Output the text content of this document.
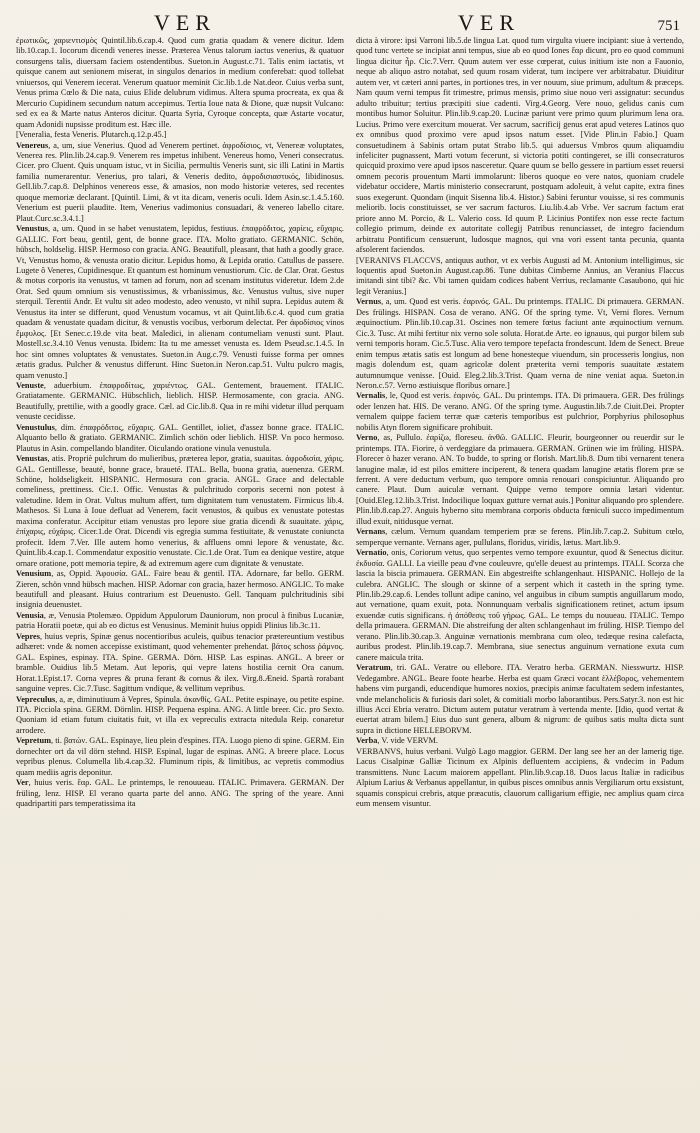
VER	VER	751

ἐρωτικῶς, χαριεντισμὸς Quintil.lib.6.cap.4. Quod cum gratia quadam & venere dicitur. Idem lib.10.cap.1. Iocorum dicendi veneres inesse. Præterea Venus talorum iactus venerius, & quatuor consurgens talis, diuersam faciem ostendentibus. Sueton.in August.c.71. Talis enim iactatis, vt quisque canem aut senionem miserat, in singulos denarios in medium conferebat: quod tollebat vniuersos, qui Venerem iecerat. Venerum quatuor meminit Cic.lib.1.de Nat.deor. Cuius verba sunt, Venus prima Cœlo & Die nata, cuius Elide delubrum vidimus. Altera spuma procreata, ex qua & Mercurio Cupidinem secundum natum accepimus. Tertia Ioue nata & Dione, quæ nupsit Vulcano: sed ex ea & Marte natus Anteros dicitur. Quarta Syria, Cyroque concepta, quæ Astarte vocatur, quam Adonidi nupsisse proditum est. Hæc ille.

[Veneralia, festa Veneris. Plutarch.q.12.p.45.]

Venereus, a, um, siue Venerius. Quod ad Venerem pertinet. ἀφροδίσιος, vt, Venereæ voluptates, Venerea res. Plin.lib.24.cap.9. Venerem res impetus inhibent. Venereus homo, Veneri consecratus. Cicer. pro Cluent. Quis unquam istuc, vt in Sicilia, permultis Veneris sunt, sic illi Latini in Martis familia numerarentur. Venerius, pro talari, & Veneris dedito, ἀφροδισιαστικός, libidinosus. Gell.lib.7.cap.8. Delphinos venereos esse, & amasios, non modo historiæ veteres, sed recentes quoque memoriæ declarant. [Quintil. Limi, & vt ita dicam, veneris oculi. Idem Asin.sc.1.4.5.160. Venerium est puerii plaudite. Item, Venerius vadimonius consuadari, & venereo labello citare. Plaut.Curc.sc.3.4.1.]

Venustus, a, um. Quod in se habet venustatem, lepidus, festiuus. ἐπαφρόδιτος, χαρίεις, εὔχαρις. GALLIC. Fort beau, gentil, gent, de bonne grace. ITA. Molto gratiato. GERMANIC. Schön, hübsch, holdselig. HISP. Hermoso con gracia. ANG. Beautifull, pleasant, that hath a goodly grace. Vt, Venustus homo, & venusta oratio dicitur. Lepidus homo, & Lepida oratio. Catullus de passere. Lugete ô Veneres, Cupidinesque. Et quantum est hominum venustiorum. Cic. de Clar. Orat. Gestus & motus corporis ita venustus, vt tamen ad forum, non ad scenam institutus videretur. Idem 2.de Orat. Sed quum omnium sis venustissimus, & vrbanissimus, &c. Venustus vultus, sive nuper sterquil. Terentii Andr. Et vultu sit adeo modesto, adeo venusto, vt nihil supra. Lepidus autem & Venustus ita inter se differunt, quod Venustum vocamus, vt ait Quint.lib.6.c.4. quod cum gratia quadam & venustate quadam dicitur, & venustis vocibus, verborum delectat. Per ἀφοδίσιος vinos ἔμφυλος. [Et Senec.c.19.de vita beat. Maledici, in alienam contumeliam venusti sunt. Plaut. Mostell.sc.3.4.10 Venus venusta. Ibidem: Ita tu me amesset venusta es. Idem Pseud.sc.1.4.5. In hoc sint omnes voluptates & venustates. Sueton.in Aug.c.79. Venusti fuisse forma per omnes ætatis gradus. Pulcher & venustus differunt. Hinc Sueton.in Neron.cap.51. Vultu pulcro magis, quam venusto.]

Venuste, aduerbium. ἐπαφροδίτως, χαριέντως. GAL. Gentement, brauement. ITALIC. Gratiatamente. GERMANIC. Hübschlich, lieblich. HISP. Hermosamente, con gracia. ANG. Beautifully, prettilie, with a goodly grace. Cæl. ad Cic.lib.8. Qua in re mihi videtur illud perquam venuste cecidisse.

Venustulus, dim. ἐπαφρόδιτος, εὔχαρις. GAL. Gentillet, ioliet, d'assez bonne grace. ITALIC. Alquanto bello & gratiato. GERMANIC. Zimlich schön oder lieblich. HISP. Vn poco hermoso. Plautus in Asin. compellando blanditer. Oiculando oratione vinula venustula.

Venustas, atis. Propriè pulchrum do mulieribus, præterea lepor, gratia, suauitas. ἀφροδισία, χάρις. GAL. Gentillesse, beauté, bonne grace, braueté. ITAL. Bella, buona gratia, auenenza. GERM. Schöne, holdseligkeit. HISPANIC. Hermosura con gracia. ANGL. Grace and delectable comeliness, prettiness. Cic.1. Offic. Venustas & pulchritudo corporis secerni non potest à valetudine. Idem in Orat. Vultus multum affert, tum dignitatem tum venustatem. Firmicus lib.4. Mathesos. Si Luna à Ioue defluat ad Venerem, facit venustos, & quibus ex venustate potestas maxima conferatur. Accipitur etiam venustas pro lepore siue gratia dicendi & suauitate. χάρις, ἐπίχαρις, εὐχάρις. Cicer.1.de Orat. Dicendi vis egregia summa festiuitate, & venustate coniuncta profecit. Idem 7.Ver. Ille autem homo venerius, & affluens omni lepore & venustate, &c. Quint.lib.4.cap.1. Commendatur expositio venustate. Cic.1.de Orat. Tum ea denique vestire, atque ornare oratione, pott memoria tepire, & ad extremum agere cum dignitate & venustate.

Venusium, as, Oppid. Ἀφουσία. GAL. Faire beau & gentil. ITA. Adornare, far bello. GERM. Zieren, schön vnnd hübsch machen. HISP. Adornar con gracia, hazer hermoso. ANGLIC. To make beautifull and pleasant. Huius contrarium est Deuenusto. Gell. Tanquam pulchritudinis sibi insignia deuenustet.

Venusia, æ, Venusia Ptolemæo. Oppidum Appulorum Dauniorum, non procul à finibus Lucaniæ, patria Horatii poetæ, qui ab eo dictus est Venusinus. Meminit huius oppidi Plinius lib.3c.11.

Vepres, huius vepris, Spinæ genus nocentioribus aculeis, quibus tenacior prætereuntium vestibus adhæret: vnde & nomen accepisse existimant, quod vehementer prehendat. βάτος schoss ῥάμνος. GAL. Espines, espinay. ITA. Spine. GERMA. Dörn. HISP. Las espinas. ANGL. A breer or bramble. Ouidius lib.5 Metam. Aut leporis, qui vepre latens hostilia cernit Ora canum. Horat.1.Epist.17. Corna vepres & pruna ferant & cornus & ilex. Virg.8.Æneid. Spartà rorabant sanguine vepres. Cic.7.Tusc. Sagittum vndique, & vellitum vepribus.

Vepreculus, a, æ, diminutiuum à Vepres, Spinula. ἀκανθίς. GAL. Petite espinaye, ou petite espine. ITA. Picciola spina. GERM. Dörnlin. HISP. Pequena espina. ANG. A little breer. Cic. pro Sexto. Quoniam id etiam futum ciuitatis fuit, vt illa ex vepreculis extracta nitedula Reip. conaretur arrodere.

Vepretum, ti. βατών. GAL. Espinaye, lieu plein d'espines. ITA. Luogo pieno di spine. GERM. Ein dornechter ort da vil dörn stehnd. HISP. Espinal, lugar de espinas. ANG. A breere place. Locus vepribus plenus. Columella lib.4.cap.32. Fluminum ripis, & limitibus, ac vepretis commodius quam mediis agris deponitur.

Ver, huius veris. ἔαρ. GAL. Le printemps, le renouueau. ITALIC. Primavera. GERMAN. Der früling, lenz. HISP. El verano quarta parte del anno. ANG. The spring of the yeare. Anni quadripartiti pars temperatissima ita

dicta à virore: ipsi Varroni lib.5.de lingua Lat. quod tum virgulta viuere incipiant: siue à vertendo, quod tunc vertete se incipiat anni tempus, siue ab eo quod Iones ἔαρ dicunt, pro eo quod communi lingua dicitur ἦρ. Cic.7.Verr. Quum autem ver esse cœperat, cuius initium iste non a Fauonio, neque ab aliquo astro notabat, sed quum rosam viderat, tum incipere ver arbitrabatur. Diuiditur autem ver, vt cæteri anni partes, in portiones tres, in ver nouum, siue primum, adultum & præceps. Nam quum verni tempus fit trimestre, primus mensis, primo siue nouo veri assignatur: secundus adulto tribuitur; tertius præcipiti siue cadenti. Virg.4.Georg. Vere nouo, gelidus canis cum montibus humor Soluitur. Plin.lib.9.cap.20. Lucinæ pariunt vere primo quum plurimum lena ora. Lucius. Primo vere exercitum mouerat. Ver sacrum, sacrificij genus erat apud veteres Latinos quo ex omnibus quod proximo vere apud ipsos natum esset. [Vide Plin.in Fabio.] Quam consuetudinem à Sabinis ortam putat Strabo lib.5. qui aduersus Vmbros quum aliquamdiu infeliciter pugnassent, Marti votum fecerunt, si victoria potiti contingeret, se illi consecraturos quicquid proximo vere apud ipsos nasceretur. Quare quum se bello gessere in partium esset reuersi omnem pecoris prouentum Marti immolarunt: liberos quoque eo vere natos, quoniam crudele videbatur occidere, Martis ministerio consecrarunt, postquam adoleuit, à velut capite, extra fines suos exegerunt. Quondam (inquit Sisenna lib.4. Histor.) Sabini feruntur vouisse, si res communis meliorib. locis constituisset, se ver sacrum facturos. Liu.lib.4.ab Vrbe. Ver sacrum factum erat priore anno M. Porcio, & L. Valerio coss. Id quum P. Licinius Pontifex non esse recte factum collegio primum, deinde ex autoritate collegij Patribus renunciasset, de integro faciendum arbitratu Pontificum censuerunt, ludosque magnos, qui vna vori essent tanta pecunia, quanta afsolerent faciendos.

[VERANIVS FLACCVS, antiquus author, vt ex verbis Augusti ad M. Antonium intelligimus, sic loquentis apud Sueton.in August.cap.86. Tune dubitas Cimberne Annius, an Veranius Flaccus imitandi sint tibi? &c. Vbi tamen quidam codices habent Verrius, reclamante Casaubono, qui hic legit Veranius.]

Vernus, a, um. Quod est veris. ἐαρινός. GAL. Du printemps. ITALIC. Di primauera. GERMAN. Des frülings. HISPAN. Cosa de verano. ANG. Of the spring tyme. Vt, Verni flores. Vernum æquinoctium. Plin.lib.10.cap.31. Oscines non temere fœtus faciunt ante æquinoctium vernum. Cic.3. Tusc. At mihi fertitur nix verno sole soluta. Horat.de Arte. eo ignauus, qui purgor bilem sub verni temporis horam. Cic.5.Tusc. Alia vero tempore tepefacta frondescunt. Idem de Senect. Breue enim tempus ætatis satis est longum ad bene honesteque viuendum, sin processeris longius, non magis dolendum est, quam agricolæ dolent præterita verni temporis suauitate æstatem autumnumque venisse. [Ouid. Eleg.2.lib.3.Trist. Quam verna de nine veniat aqua. Sueton.in Neron.c.57. Verno æstiuisque floribus ornare.]

Vernalis, le, Quod est veris. ἐαρινός. GAL. Du printemps. ITA. Di primauera. GER. Des frülings oder lenzen hat. HIS. De verano. ANG. Of the spring tyme. Augustin.lib.7.de Ciuit.Dei. Propter vernalem quippe faciem terræ quæ cæteris temporibus est pulchrior, Porphyrius philosophus nobilis Atyn florem significare prohibuit.

Verno, as, Pullulo. ἐαρίζω, floreseu. ἀνθῶ. GALLIC. Fleurir, bourgeonner ou reuerdir sur le printemps. ITA. Fiorire, ò verdeggiare da primauera. GERMAN. Grünen wie im früling. HISPA. Florecer ò hazer verano. AN. To budde, to spring or florish. Mart.lib.8. Dum tibi vernarent tenera lanugine malæ, id est pilos emittere inciperent, & tenera quadam lanugine ætatis florem præ se ferrent. A vere deductum verbum, quo tempore omnia renouari conspiciuntur. Aliquando pro canere. Plaut. Dum auiculæ vernant. Quippe verno tempore omnia lætari videntur. [Ouid.Eleg.12.lib.3.Trist. Indocilique loquax gutture vernat auis.] Ponitur aliquando pro splendere. Plin.lib.8.cap.27. Anguis hyberno situ membrana corporis obducta fœniculi succo impedimentum illud exuit, nitidusque vernat.

Vernans, cælum. Vernum quandam temperiem præ se ferens. Plin.lib.7.cap.2. Subitum cœlo, semperque vernante. Vernans ager, pullulans, floridus, viridis, lætus. Mart.lib.9.

Vernatio, onis, Coriorum vetus, quo serpentes verno tempore exuuntur, quod & Senectus dicitur. ἐκδυσία. GALLI. La vieille peau d'vne couleuvre, qu'elle deuest au printemps. ITALI. Scorza che lascia la biscia primauera. GERMAN. Ein abgestreifte schlangenhaut. HISPANIC. Hollejo de la culebra. ANGLIC. The slough or skinne of a serpent which it casteth in the spring tyme. Plin.lib.29.cap.6. Lendes tollunt adipe canino, vel anguibus in cibum sumptis anguillarum modo, aut vernatione, quam exuit, pota. Nonnunquam verbalis significationem retinet, actum ipsum exuendæ cutis significans. ἡ ἀπόθεσις τοῦ γήρως. GAL. Le temps du nouueau. ITALIC. Tempo della primauera. GERMAN. Die abstreifung der alten schlangenhaut im früling. HISP. Tiempo del verano. Plin.lib.30.cap.3. Anguinæ vernationis membrana cum oleo, tedæque resina calefacta, auribus prodest. Plin.lib.19.cap.7. Membrana, siue senectus anguinum vernatione exuta cum canere maicula trita.

Veratrum, tri. GAL. Veratre ou ellebore. ITA. Veratro herba. GERMAN. Niesswurtz. HISP. Vedegambre. ANGL. Beare foote hearbe. Herba est quam Græci vocant ἑλλέβορος, vehementem habens vim purgandi, educendique humores noxios, præcipis animæ facultatem sedem infestantes, vnde melancholicis & furiosis dari solet, & comitiali morbo laborantibus. Pers.Satyr.3. non est hic illius Acci Ebria veratro. Dictum autem putatur veratrum à vertenda mente. [Idio, quod vertat & euertat atram bilem.] Eius duo sunt genera, album & nigrum: de quibus satis multa dicta sunt supra in dictione HELLEBORVM.

Verba, V. vide VERVM.

VERBANVS, huius verbani. Vulgò Lago maggior. GERM. Der lang see her an der lamerig tige. Lacus Cisalpinæ Galliæ Ticinum ex Alpinis defluentem accipiens, & vndecim in Padum transmittens. Nunc Lacum maiorem appellant. Plin.lib.9.cap.18. Duos lacus Italiæ in radicibus Alpium Larius & Verbanus appellantur, in quibus pisces omnibus annis Vergiliarum ortu exsistunt, squamis conspicui crebris, atque præacutis, clauorum calligarium effigie, nec amplius quam circa eum mensem visuntur.
